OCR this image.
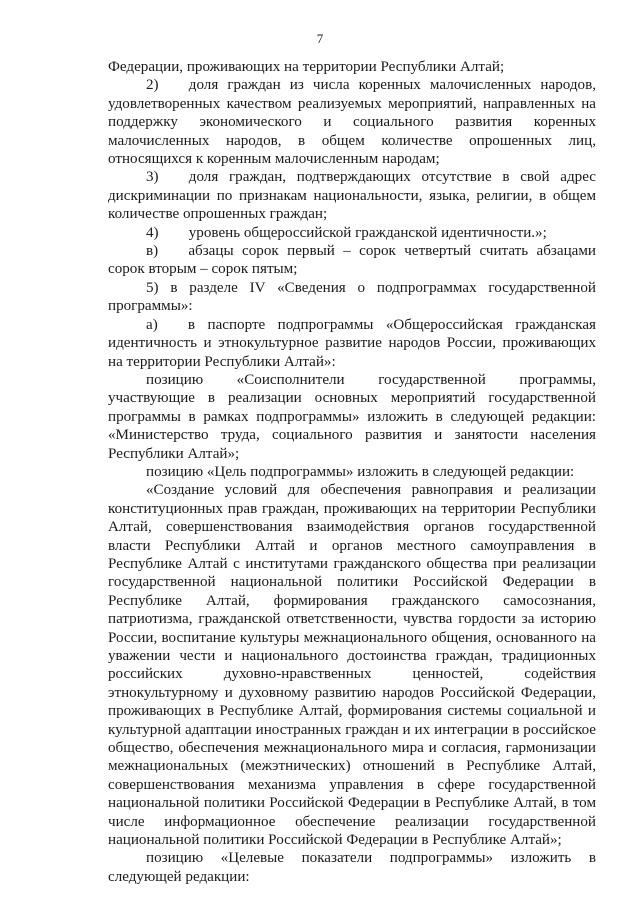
7

Федерации, проживающих на территории Республики Алтай;

2)  доля граждан из числа коренных малочисленных народов,

удовлетворенных качеством реализуемых мероприятий, направленных на

поддержку экономического и социального развития коренных

малочисленных народов, в общем количестве опрошенных лиц,

относящихся к коренным малочисленным народам;

3)  доля граждан, подтверждающих отсутствие в свой адрес

дискриминации по признакам национальности, языка, религии, в общем

количестве опрошенных граждан;

4)  уровень общероссийской гражданской идентичности.»;

в)  абзацы сорок первый – сорок четвертый считать абзацами

сорок вторым – сорок пятым;

5) в разделе IV «Сведения о подпрограммах государственной

программы»:

а)  в паспорте подпрограммы «Общероссийская гражданская

идентичность и этнокультурное развитие народов России, проживающих

на территории Республики Алтай»:

позицию «Соисполнители государственной программы,

участвующие в реализации основных мероприятий государственной

программы в рамках подпрограммы» изложить в следующей редакции:

«Министерство труда, социального развития и занятости населения

Республики Алтай»;

позицию «Цель подпрограммы» изложить в следующей редакции:

«Создание условий для обеспечения равноправия и реализации

конституционных прав граждан, проживающих на территории Республики

Алтай, совершенствования взаимодействия органов государственной

власти Республики Алтай и органов местного самоуправления в

Республике Алтай с институтами гражданского общества при реализации

государственной национальной политики Российской Федерации в

Республике Алтай, формирования гражданского самосознания,

патриотизма, гражданской ответственности, чувства гордости за историю

России, воспитание культуры межнационального общения, основанного на

уважении чести и национального достоинства граждан, традиционных

российских духовно-нравственных ценностей, содействия

этнокультурному и духовному развитию народов Российской Федерации,

проживающих в Республике Алтай, формирования системы социальной и

культурной адаптации иностранных граждан и их интеграции в российское

общество, обеспечения межнационального мира и согласия, гармонизации

межнациональных (межэтнических) отношений в Республике Алтай,

совершенствования механизма управления в сфере государственной

национальной политики Российской Федерации в Республике Алтай, в том

числе информационное обеспечение реализации государственной

национальной политики Российской Федерации в Республике Алтай»;

позицию «Целевые показатели подпрограммы» изложить в

следующей редакции:
